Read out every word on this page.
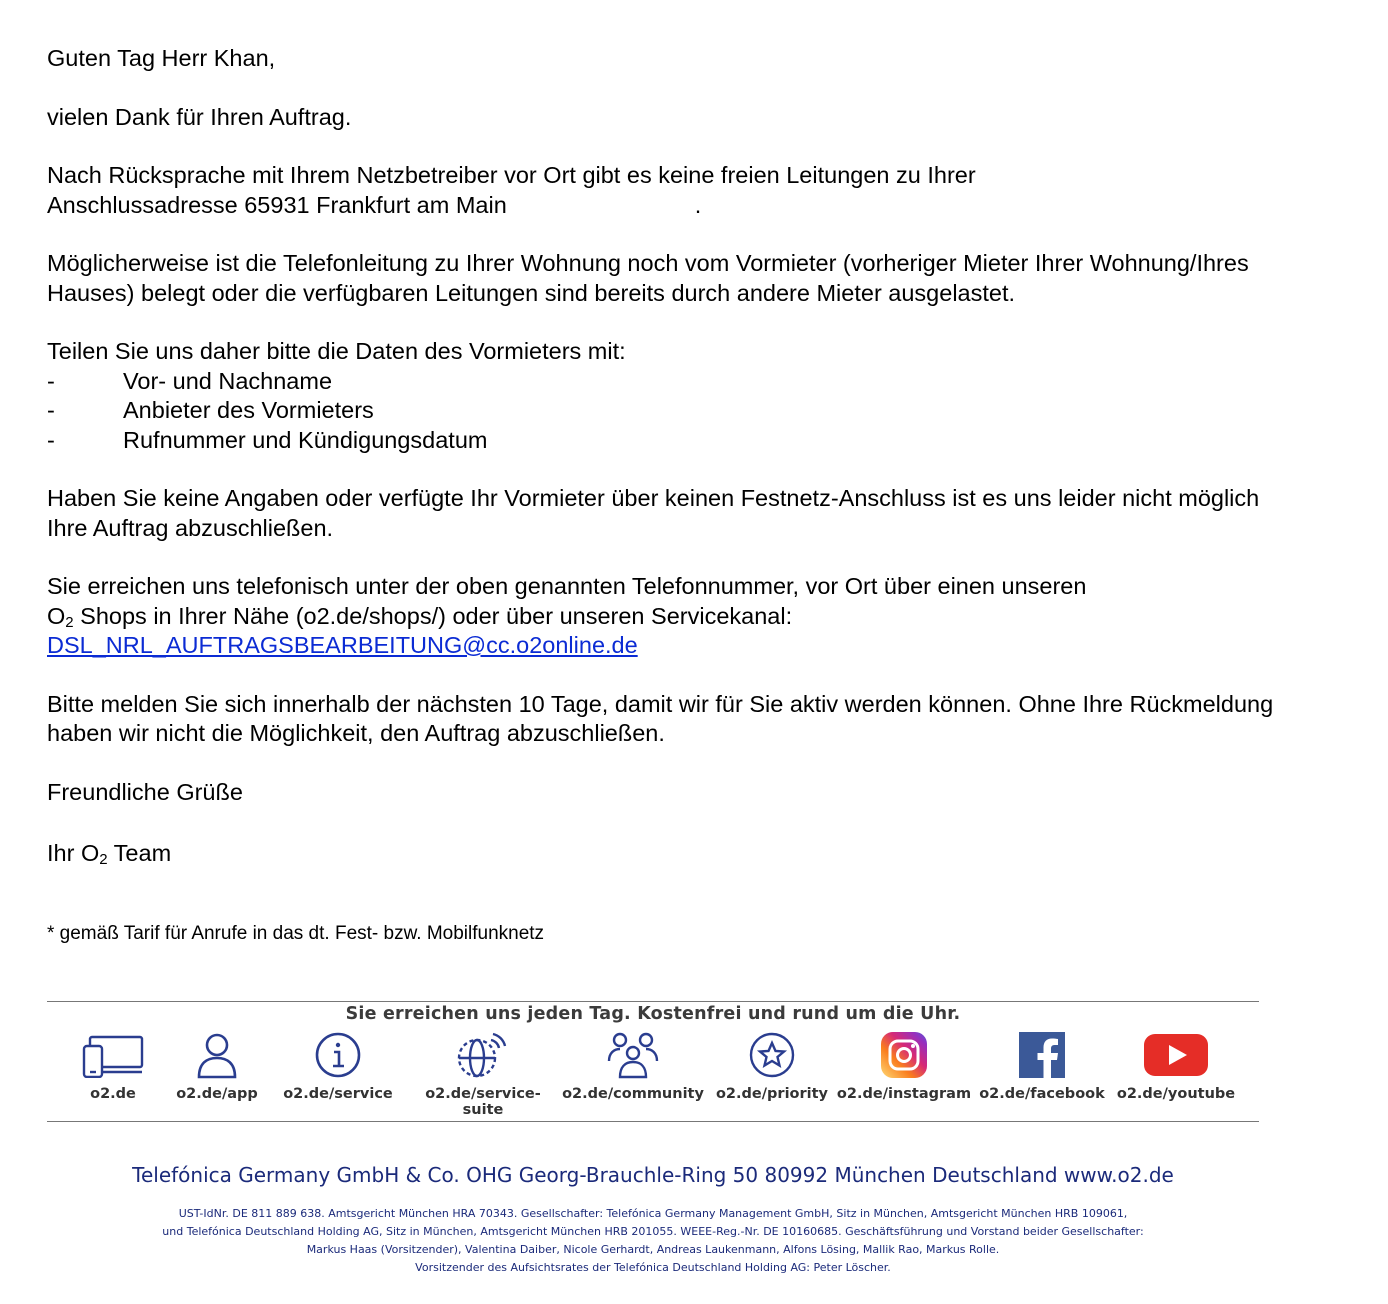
Guten Tag Herr Khan,

vielen Dank für Ihren Auftrag.

Nach Rücksprache mit Ihrem Netzbetreiber vor Ort gibt es keine freien Leitungen zu Ihrer
Anschlussadresse 65931 Frankfurt am Main	.

Möglicherweise ist die Telefonleitung zu Ihrer Wohnung noch vom Vormieter (vorheriger Mieter Ihrer Wohnung/Ihres Hauses) belegt oder die verfügbaren Leitungen sind bereits durch andere Mieter ausgelastet.

Teilen Sie uns daher bitte die Daten des Vormieters mit:

-	Vor- und Nachname
-	Anbieter des Vormieters
-	Rufnummer und Kündigungsdatum

Haben Sie keine Angaben oder verfügte Ihr Vormieter über keinen Festnetz-Anschluss ist es uns leider nicht möglich Ihre Auftrag abzuschließen.

Sie erreichen uns telefonisch unter der oben genannten Telefonnummer, vor Ort über einen unseren
$O_2$ Shops in Ihrer Nähe (o2.de/shops/) oder über unseren Servicekanal:
DSL_NRL_AUFTRAGSBEARBEITUNG@cc.o2online.de

Bitte melden Sie sich innerhalb der nächsten 10 Tage, damit wir für Sie aktiv werden können. Ohne Ihre Rückmeldung haben wir nicht die Möglichkeit, den Auftrag abzuschließen.

Freundliche Grüße

Ihr $O_2$ Team

* gemäß Tarif für Anrufe in das dt. Fest- bzw. Mobilfunknetz
Sie erreichen uns jeden Tag. Kostenfrei und rund um die Uhr.
o2.de	o2.de/app	o2.de/service	o2.de/service-suite
o2.de/community o2.de/priority o2.de/instagram o2.de/facebook o2.de/youtube
Telefónica Germany GmbH & Co. OHG Georg-Brauchle-Ring 50 80992 München Deutschland www.o2.de
UST-IdNr. DE 811 889 638. Amtsgericht München HRA 70343. Gesellschafter: Telefónica Germany Management GmbH, Sitz in München, Amtsgericht München HRB 109061,
und Telefónica Deutschland Holding AG, Sitz in München, Amtsgericht München HRB 201055. WEEE-Reg.-Nr. DE 10160685. Geschäftsführung und Vorstand beider Gesellschafter:
Markus Haas (Vorsitzender), Valentina Daiber, Nicole Gerhardt, Andreas Laukenmann, Alfons Lösing, Mallik Rao, Markus Rolle.
Vorsitzender des Aufsichtsrates der Telefónica Deutschland Holding AG: Peter Löscher.
